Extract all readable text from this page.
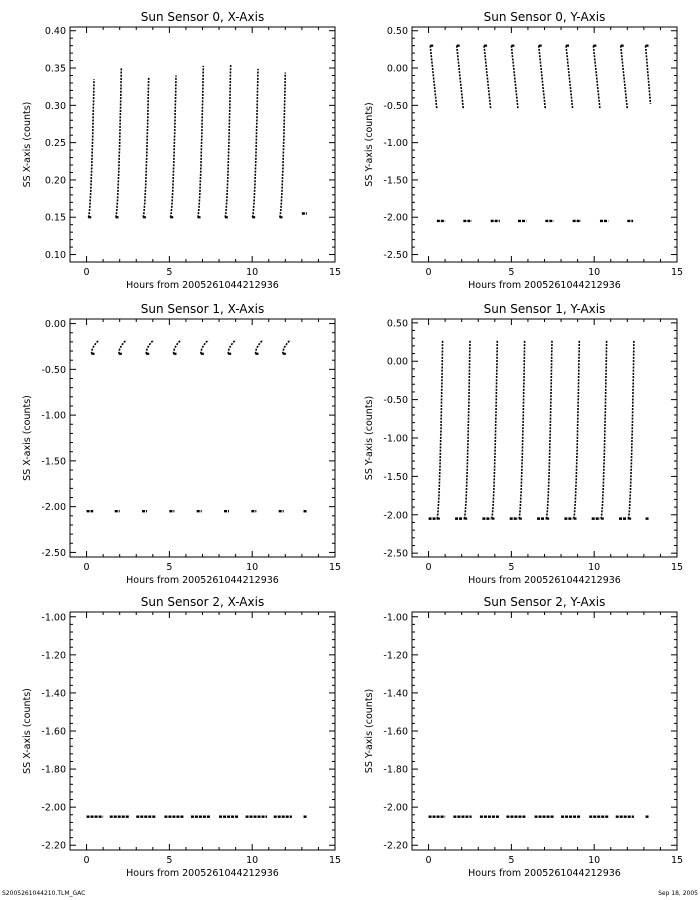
Sun Sensor 0, X-Axis
0	5	10	15
0.10
0.15
0.20
0.25
0.30
0.35
0.40
Hours from 2005261044212936
SS X-axis (counts)
Sun Sensor 0, Y-Axis
0	5	10	15
-2.50
-2.00
-1.50
-1.00
-0.50
0.00
0.50
Hours from 2005261044212936
SS Y-axis (counts)
Sun Sensor 1, X-Axis
0	5	10	15
-2.50
-2.00
-1.50
-1.00
-0.50
0.00
Hours from 2005261044212936
SS X-axis (counts)
Sun Sensor 1, Y-Axis
0	5	10	15
-2.50
-2.00
-1.50
-1.00
-0.50
0.00
0.50
Hours from 2005261044212936
SS Y-axis (counts)
Sun Sensor 2, X-Axis
0	5	10	15
-2.20
-2.00
-1.80
-1.60
-1.40
-1.20
-1.00
Hours from 2005261044212936
SS X-axis (counts)
Sun Sensor 2, Y-Axis
0	5	10	15
-2.20
-2.00
-1.80
-1.60
-1.40
-1.20
-1.00
Hours from 2005261044212936
SS Y-axis (counts)
S2005261044210.TLM_GAC	Sep 18, 2005
